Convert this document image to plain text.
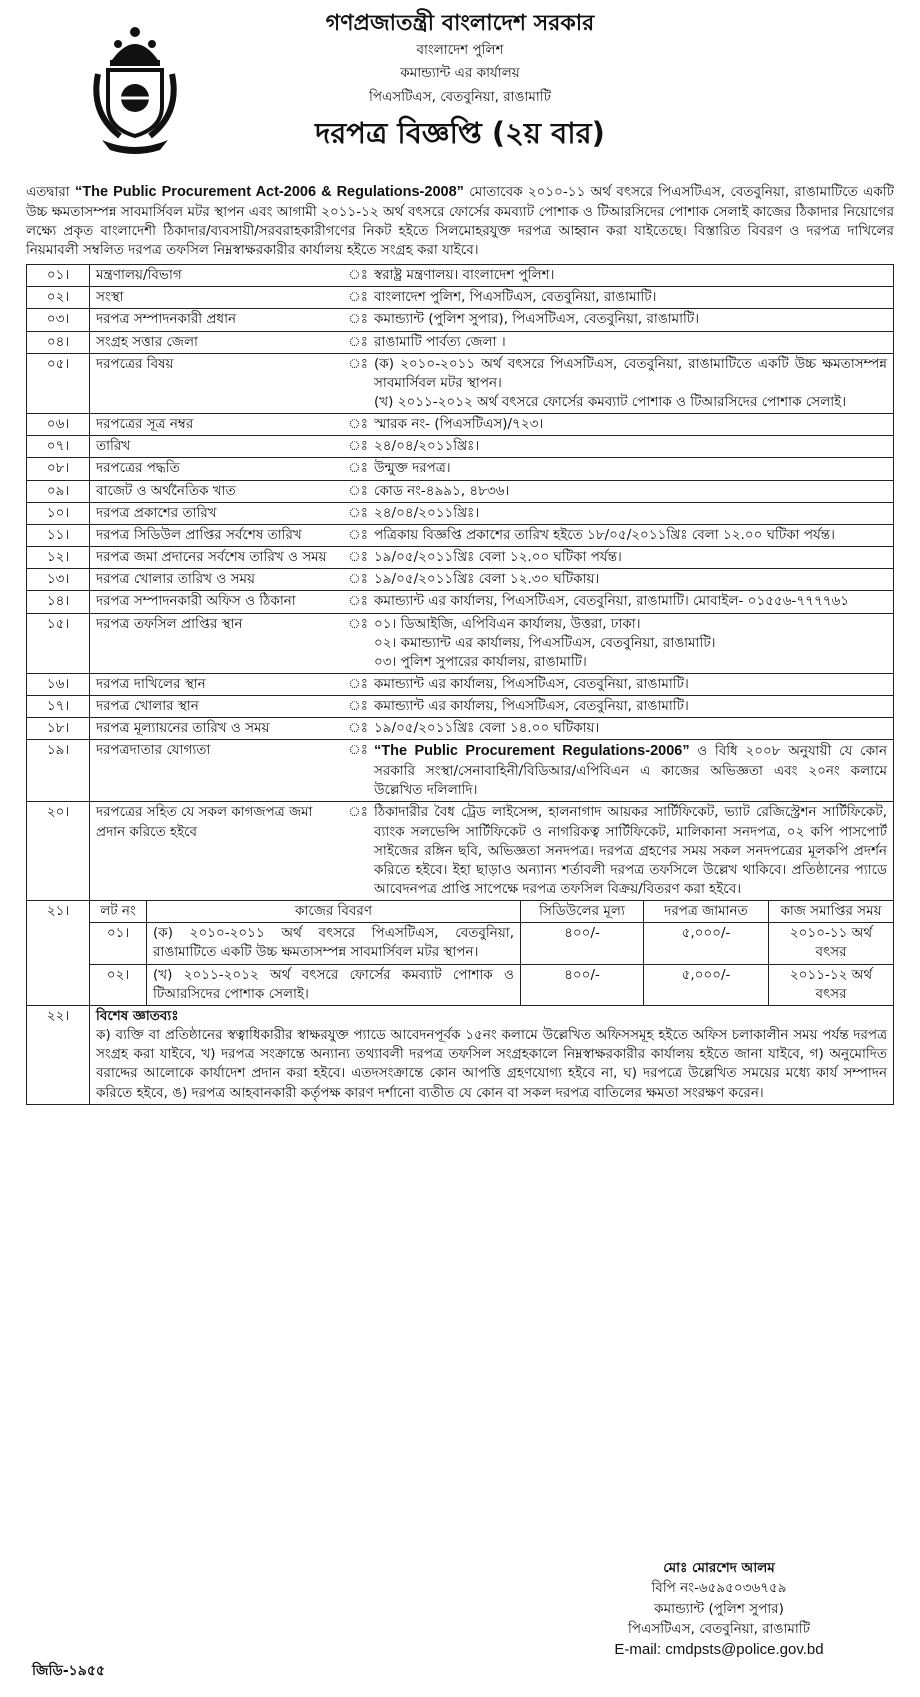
গণপ্রজাতন্ত্রী বাংলাদেশ সরকার
বাংলাদেশ পুলিশ
কমান্ড্যান্ট এর কার্যালয়
পিএসটিএস, বেতবুনিয়া, রাঙামাটি
দরপত্র বিজ্ঞপ্তি (২য় বার)
এতদ্বারা “The Public Procurement Act-2006 & Regulations-2008” মোতাবেক ২০১০-১১ অর্থ বৎসরে পিএসটিএস, বেতবুনিয়া, রাঙামাটিতে একটি উচ্চ ক্ষমতাসম্পন্ন সাবমার্সিবল মটর স্থাপন এবং আগামী ২০১১-১২ অর্থ বৎসরে ফোর্সের কমব্যাট পোশাক ও টিআরসিদের পোশাক সেলাই কাজের ঠিকাদার নিয়োগের লক্ষ্যে প্রকৃত বাংলাদেশী ঠিকাদার/ব্যবসায়ী/সরবরাহকারীগণের নিকট হইতে সিলমোহরযুক্ত দরপত্র আহ্বান করা যাইতেছে। বিস্তারিত বিবরণ ও দরপত্র দাখিলের নিয়মাবলী সম্বলিত দরপত্র তফসিল নিম্নস্বাক্ষরকারীর কার্যালয় হইতে সংগ্রহ করা যাইবে।
০১।	মন্ত্রণালয়/বিভাগ	ঃ	স্বরাষ্ট্র মন্ত্রণালয়। বাংলাদেশ পুলিশ।
০২।	সংস্থা	ঃ	বাংলাদেশ পুলিশ, পিএসটিএস, বেতবুনিয়া, রাঙামাটি।
০৩।	দরপত্র সম্পাদনকারী প্রধান	ঃ	কমান্ড্যান্ট (পুলিশ সুপার), পিএসটিএস, বেতবুনিয়া, রাঙামাটি।
০৪।	সংগ্রহ সত্তার জেলা	ঃ	রাঙামাটি পার্বত্য জেলা ।
০৫।	দরপত্রের বিষয়	ঃ	(ক) ২০১০-২০১১ অর্থ বৎসরে পিএসটিএস, বেতবুনিয়া, রাঙামাটিতে একটি উচ্চ ক্ষমতাসম্পন্ন সাবমার্সিবল মটর স্থাপন।
(খ) ২০১১-২০১২ অর্থ বৎসরে ফোর্সের কমব্যাট পোশাক ও টিআরসিদের পোশাক সেলাই।

০৬।	দরপত্রের সূত্র নম্বর	ঃ	স্মারক নং- (পিএসটিএস)/৭২৩।
০৭।	তারিখ	ঃ	২৪/০৪/২০১১খ্রিঃ।
০৮।	দরপত্রের পদ্ধতি	ঃ	উন্মুক্ত দরপত্র।
০৯।	বাজেট ও অর্থনৈতিক খাত	ঃ	কোড নং-৪৯৯১, ৪৮৩৬।
১০।	দরপত্র প্রকাশের তারিখ	ঃ	২৪/০৪/২০১১খ্রিঃ।
১১।	দরপত্র সিডিউল প্রাপ্তির সর্বশেষ তারিখ	ঃ	পত্রিকায় বিজ্ঞপ্তি প্রকাশের তারিখ হইতে ১৮/০৫/২০১১খ্রিঃ বেলা ১২.০০ ঘটিকা পর্যন্ত।
১২।	দরপত্র জমা প্রদানের সর্বশেষ তারিখ ও সময়	ঃ	১৯/০৫/২০১১খ্রিঃ বেলা ১২.০০ ঘটিকা পর্যন্ত।
১৩।	দরপত্র খোলার তারিখ ও সময়	ঃ	১৯/০৫/২০১১খ্রিঃ বেলা ১২.৩০ ঘটিকায়।
১৪।	দরপত্র সম্পাদনকারী অফিস ও ঠিকানা	ঃ	কমান্ড্যান্ট এর কার্যালয়, পিএসটিএস, বেতবুনিয়া, রাঙামাটি। মোবাইল- ০১৫৫৬-৭৭৭৭৬১
১৫।	দরপত্র তফসিল প্রাপ্তির স্থান	ঃ	০১। ডিআইজি, এপিবিএন কার্যালয়, উত্তরা, ঢাকা।
০২। কমান্ড্যান্ট এর কার্যালয়, পিএসটিএস, বেতবুনিয়া, রাঙামাটি।
০৩। পুলিশ সুপারের কার্যালয়, রাঙামাটি।

১৬।	দরপত্র দাখিলের স্থান	ঃ	কমান্ড্যান্ট এর কার্যালয়, পিএসটিএস, বেতবুনিয়া, রাঙামাটি।
১৭।	দরপত্র খোলার স্থান	ঃ	কমান্ড্যান্ট এর কার্যালয়, পিএসটিএস, বেতবুনিয়া, রাঙামাটি।
১৮।	দরপত্র মূল্যায়নের তারিখ ও সময়	ঃ	১৯/০৫/২০১১খ্রিঃ বেলা ১৪.০০ ঘটিকায়।
১৯।	দরপত্রদাতার যোগ্যতা	ঃ	“The Public Procurement Regulations-2006” ও বিধি ২০০৮ অনুযায়ী যে কোন সরকারি সংস্থা/সেনাবাহিনী/বিডিআর/এপিবিএন এ কাজের অভিজ্ঞতা এবং ২০নং কলামে উল্লেখিত দলিলাদি।
২০।	দরপত্রের সহিত যে সকল কাগজপত্র জমা প্রদান করিতে হইবে	ঃ	ঠিকাদারীর বৈধ ট্রেড লাইসেন্স, হালনাগাদ আয়কর সার্টিফিকেট, ভ্যাট রেজিস্ট্রেশন সার্টিফিকেট, ব্যাংক সলভেন্সি সার্টিফিকেট ও নাগরিকত্ব সার্টিফিকেট, মালিকানা সনদপত্র, ০২ কপি পাসপোর্ট সাইজের রঙ্গিন ছবি, অভিজ্ঞতা সনদপত্র। দরপত্র গ্রহণের সময় সকল সনদপত্রের মূলকপি প্রদর্শন করিতে হইবে। ইহা ছাড়াও অন্যান্য শর্তাবলী দরপত্র তফসিলে উল্লেখ থাকিবে। প্রতিষ্ঠানের প্যাডে আবেদনপত্র প্রাপ্তি সাপেক্ষে দরপত্র তফসিল বিক্রয়/বিতরণ করা হইবে।
২১।	লট নং	কাজের বিবরণ	সিডিউলের মূল্য	দরপত্র জামানত	কাজ সমাপ্তির সময়
০১।	(ক) ২০১০-২০১১ অর্থ বৎসরে পিএসটিএস, বেতবুনিয়া, রাঙামাটিতে একটি উচ্চ ক্ষমতাসম্পন্ন সাবমার্সিবল মটর স্থাপন।	৪০০/-	৫,০০০/-	২০১০-১১ অর্থ বৎসর
০২।	(খ) ২০১১-২০১২ অর্থ বৎসরে ফোর্সের কমব্যাট পোশাক ও টিআরসিদের পোশাক সেলাই।	৪০০/-	৫,০০০/-	২০১১-১২ অর্থ বৎসর

২২।	বিশেষ জ্ঞাতব্যঃ
ক) ব্যক্তি বা প্রতিষ্ঠানের স্বত্বাধিকারীর স্বাক্ষরযুক্ত প্যাডে আবেদনপূর্বক ১৫নং কলামে উল্লেখিত অফিসসমূহ হইতে অফিস চলাকালীন সময় পর্যন্ত দরপত্র সংগ্রহ করা যাইবে, খ) দরপত্র সংক্রান্তে অন্যান্য তথ্যাবলী দরপত্র তফসিল সংগ্রহকালে নিম্নস্বাক্ষরকারীর কার্যালয় হইতে জানা যাইবে, গ) অনুমোদিত বরাদ্দের আলোকে কার্যাদেশ প্রদান করা হইবে। এতদসংক্রান্তে কোন আপত্তি গ্রহণযোগ্য হইবে না, ঘ) দরপত্রে উল্লেখিত সময়ের মধ্যে কার্য সম্পাদন করিতে হইবে, ঙ) দরপত্র আহবানকারী কর্তৃপক্ষ কারণ দর্শানো ব্যতীত যে কোন বা সকল দরপত্র বাতিলের ক্ষমতা সংরক্ষণ করেন।
মোঃ মোরশেদ আলম
বিপি নং-৬৫৯৫০৩৬৭৫৯
কমান্ড্যান্ট (পুলিশ সুপার)
পিএসটিএস, বেতবুনিয়া, রাঙামাটি
E-mail: cmdpsts@police.gov.bd
জিডি-১৯৫৫
